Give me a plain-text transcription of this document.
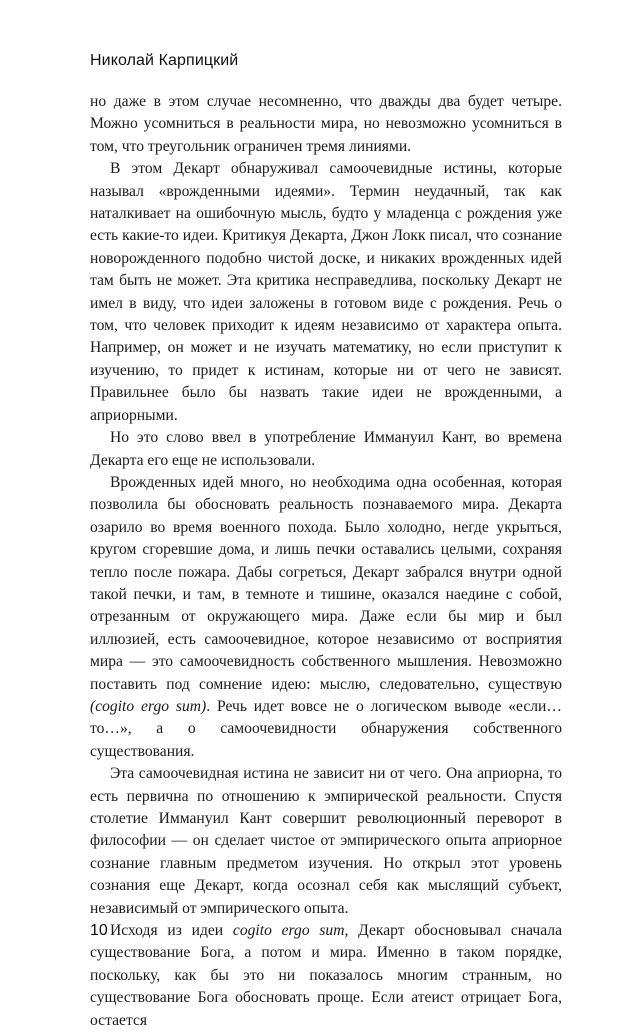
Николай Карпицкий

но даже в этом случае несомненно, что дважды два будет четыре. Можно усомниться в реальности мира, но невозможно усомниться в том, что треугольник ограничен тремя линиями.

В этом Декарт обнаруживал самоочевидные истины, которые называл «врожденными идеями». Термин неудачный, так как наталкивает на ошибочную мысль, будто у младенца с рождения уже есть какие-то идеи. Критикуя Декарта, Джон Локк писал, что сознание новорожденного подобно чистой доске, и никаких врожденных идей там быть не может. Эта критика несправедлива, поскольку Декарт не имел в виду, что идеи заложены в готовом виде с рождения. Речь о том, что человек приходит к идеям независимо от характера опыта. Например, он может и не изучать математику, но если приступит к изучению, то придет к истинам, которые ни от чего не зависят. Правильнее было бы назвать такие идеи не врожденными, а априорными.

Но это слово ввел в употребление Иммануил Кант, во времена Декарта его еще не использовали.

Врожденных идей много, но необходима одна особенная, которая позволила бы обосновать реальность познаваемого мира. Декарта озарило во время военного похода. Было холодно, негде укрыться, кругом сгоревшие дома, и лишь печки оставались целыми, сохраняя тепло после пожара. Дабы согреться, Декарт забрался внутри одной такой печки, и там, в темноте и тишине, оказался наедине с собой, отрезанным от окружающего мира. Даже если бы мир и был иллюзией, есть самоочевидное, которое независимо от восприятия мира — это самоочевидность собственного мышления. Невозможно поставить под сомнение идею: мыслю, следовательно, существую (cogito ergo sum). Речь идет вовсе не о логическом выводе «если… то…», а о самоочевидности обнаружения собственного существования.

Эта самоочевидная истина не зависит ни от чего. Она априорна, то есть первична по отношению к эмпирической реальности. Спустя столетие Иммануил Кант совершит революционный переворот в философии — он сделает чистое от эмпирического опыта априорное сознание главным предметом изучения. Но открыл этот уровень сознания еще Декарт, когда осознал себя как мыслящий субъект, независимый от эмпирического опыта.

Исходя из идеи cogito ergo sum, Декарт обосновывал сначала существование Бога, а потом и мира. Именно в таком порядке, поскольку, как бы это ни показалось многим странным, но существование Бога обосновать проще. Если атеист отрицает Бога, остается

10
